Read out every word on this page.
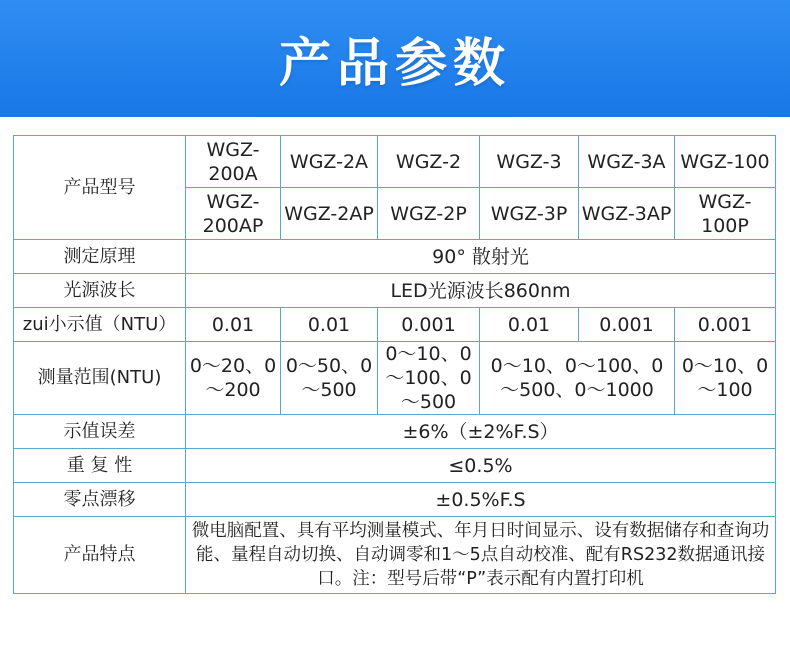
产品参数
产品型号	WGZ-200A	WGZ-2A	WGZ-2	WGZ-3	WGZ-3A	WGZ-100
	WGZ-200AP	WGZ-2AP	WGZ-2P	WGZ-3P	WGZ-3AP	WGZ-100P
测定原理	90° 散射光					
光源波长	LED光源波长860nm					
zui小示值（NTU）	0.01	0.01	0.001	0.01	0.001	0.001
测量范围(NTU)	0～20、0～200	0～50、0～500	0～10、0～100、0～500	0～10、0～100、0～500、0～1000		0～10、0～100
示值误差	±6%（±2%F.S）					
重 复 性	≤0.5%					
零点漂移	±0.5%F.S					
产品特点	微电脑配置、具有平均测量模式、年月日时间显示、设有数据储存和查询功能、量程自动切换、自动调零和1～5点自动校准、配有RS232数据通讯接口。注：型号后带“P”表示配有内置打印机					
